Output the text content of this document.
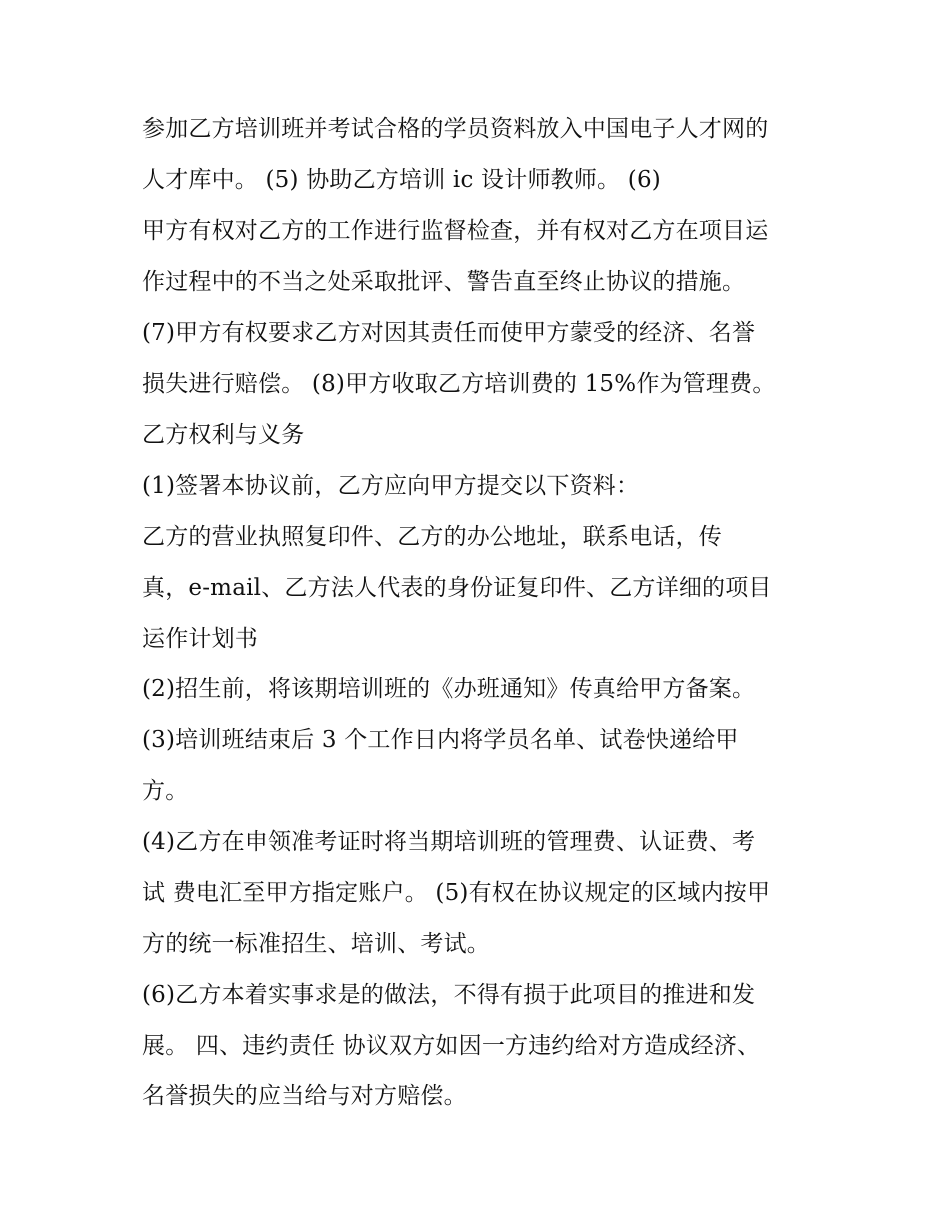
参加乙方培训班并考试合格的学员资料放入中国电子人才网的
人才库中。 (5) 协助乙方培训 ic 设计师教师。 (6)
甲方有权对乙方的工作进行监督检查，并有权对乙方在项目运
作过程中的不当之处采取批评、警告直至终止协议的措施。
(7)甲方有权要求乙方对因其责任而使甲方蒙受的经济、名誉
损失进行赔偿。 (8)甲方收取乙方培训费的 15%作为管理费。
乙方权利与义务
(1)签署本协议前，乙方应向甲方提交以下资料：
乙方的营业执照复印件、乙方的办公地址，联系电话，传
真，e-mail、乙方法人代表的身份证复印件、乙方详细的项目
运作计划书
(2)招生前，将该期培训班的《办班通知》传真给甲方备案。
(3)培训班结束后 3 个工作日内将学员名单、试卷快递给甲
方。
(4)乙方在申领准考证时将当期培训班的管理费、认证费、考
试 费电汇至甲方指定账户。 (5)有权在协议规定的区域内按甲
方的统一标准招生、培训、考试。
(6)乙方本着实事求是的做法，不得有损于此项目的推进和发
展。 四、违约责任 协议双方如因一方违约给对方造成经济、
名誉损失的应当给与对方赔偿。
